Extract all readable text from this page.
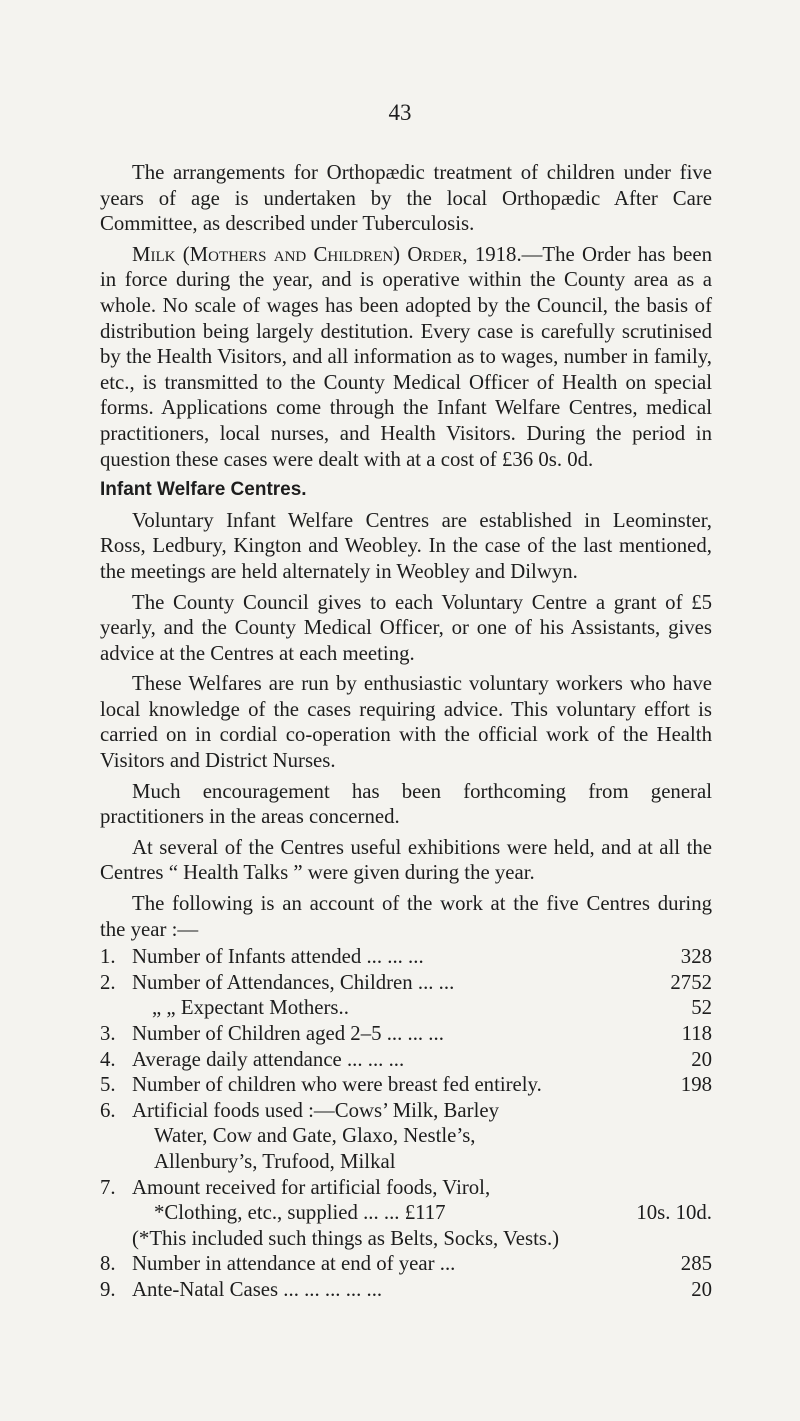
43

The arrangements for Orthopædic treatment of children under five years of age is undertaken by the local Orthopædic After Care Committee, as described under Tuberculosis.

Milk (Mothers and Children) Order, 1918.—The Order has been in force during the year, and is operative within the County area as a whole. No scale of wages has been adopted by the Council, the basis of distribution being largely destitution. Every case is carefully scrutinised by the Health Visitors, and all information as to wages, number in family, etc., is transmitted to the County Medical Officer of Health on special forms. Applications come through the Infant Welfare Centres, medical practitioners, local nurses, and Health Visitors. During the period in question these cases were dealt with at a cost of £36 0s. 0d.

Infant Welfare Centres.

Voluntary Infant Welfare Centres are established in Leominster, Ross, Ledbury, Kington and Weobley. In the case of the last mentioned, the meetings are held alternately in Weobley and Dilwyn.

The County Council gives to each Voluntary Centre a grant of £5 yearly, and the County Medical Officer, or one of his Assistants, gives advice at the Centres at each meeting.

These Welfares are run by enthusiastic voluntary workers who have local knowledge of the cases requiring advice. This voluntary effort is carried on in cordial co-operation with the official work of the Health Visitors and District Nurses.

Much encouragement has been forthcoming from general practitioners in the areas concerned.

At several of the Centres useful exhibitions were held, and at all the Centres “ Health Talks ” were given during the year.

The following is an account of the work at the five Centres during the year :—

1. Number of Infants attended ... ... ...	328
2. Number of Attendances, Children ... ...	2752
„ „ Expectant Mothers..	52
3. Number of Children aged 2–5 ... ... ...	118
4. Average daily attendance ... ... ...	20
5. Number of children who were breast fed entirely.	198
6. Artificial foods used :—Cows’ Milk, Barley
Water, Cow and Gate, Glaxo, Nestle’s,
Allenbury’s, Trufood, Milkal
7. Amount received for artificial foods, Virol,
*Clothing, etc., supplied ... ... £117	10s. 10d.
(*This included such things as Belts, Socks, Vests.)
8. Number in attendance at end of year ...	285
9. Ante-Natal Cases ... ... ... ... ...	20
